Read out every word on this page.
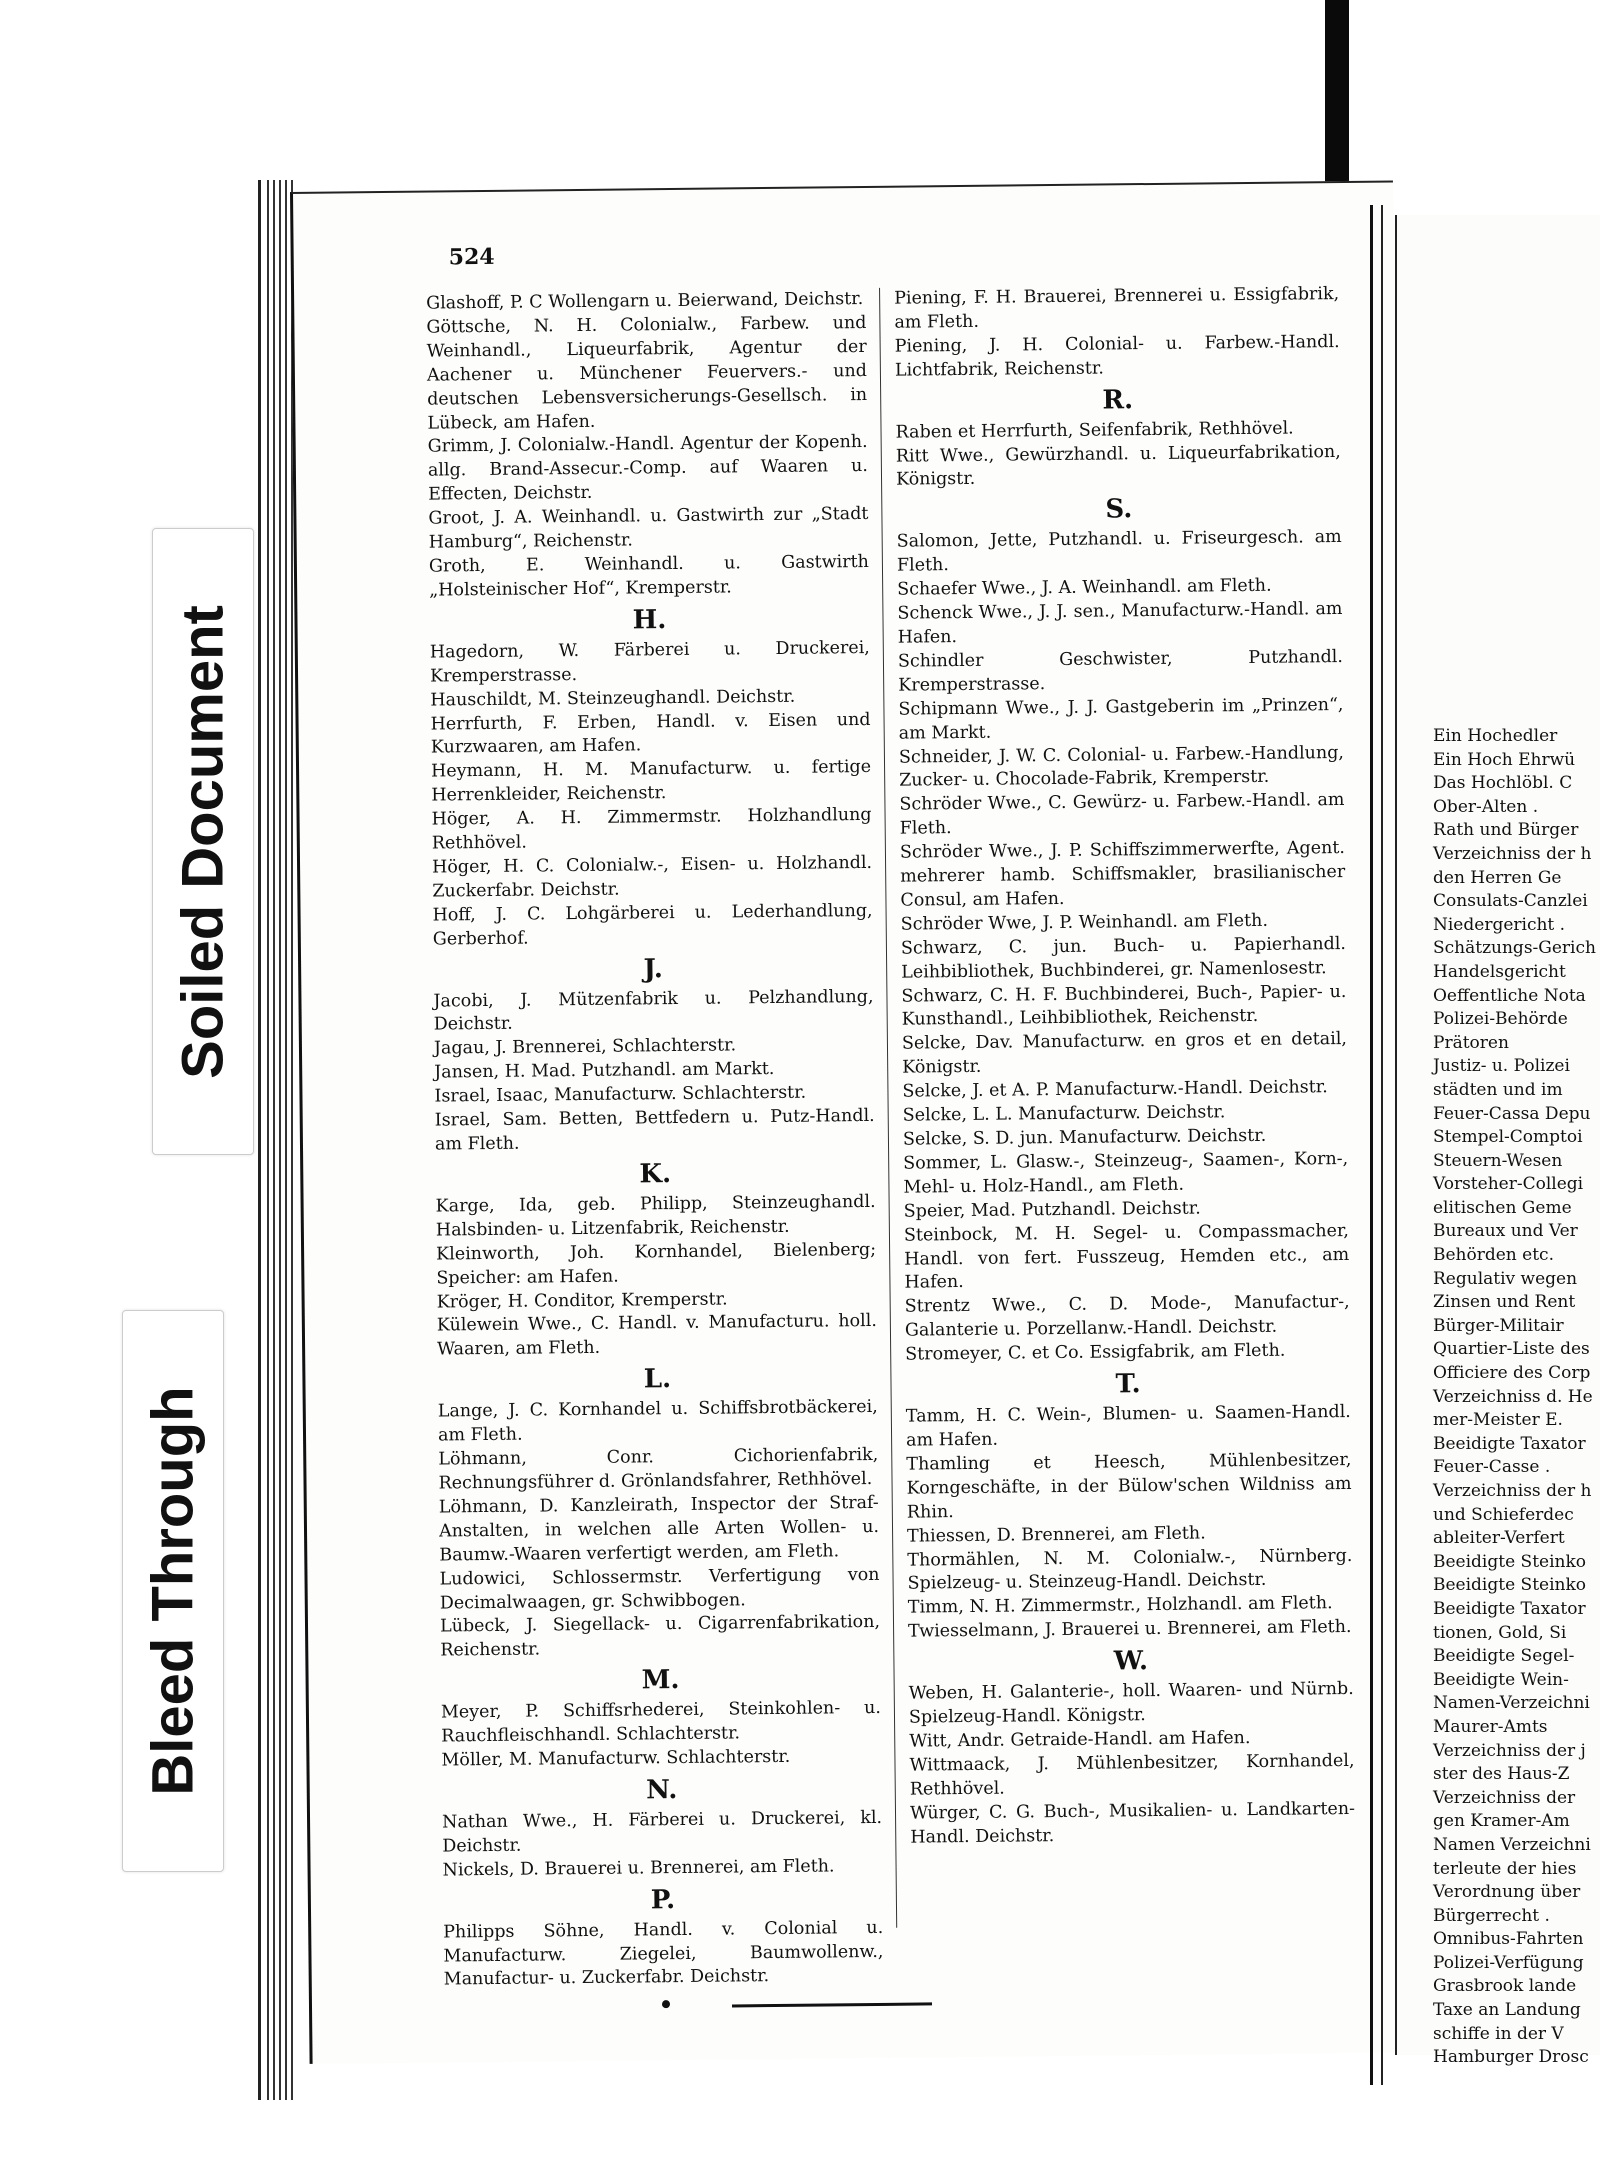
524
Glashoff, P. C Wollengarn u. Beierwand, Deichstr.
Göttsche, N. H. Colonialw., Farbew. und Weinhandl., Liqueurfabrik, Agentur der Aachener u. Münchener Feuervers.- und deutschen Lebensversicherungs-Gesellsch. in Lübeck, am Hafen.
Grimm, J. Colonialw.-Handl. Agentur der Kopenh. allg. Brand-Assecur.-Comp. auf Waaren u. Effecten, Deichstr.
Groot, J. A. Weinhandl. u. Gastwirth zur „Stadt Hamburg“, Reichenstr.
Groth, E. Weinhandl. u. Gastwirth „Holsteinischer Hof“, Kremperstr.
H.
Hagedorn, W. Färberei u. Druckerei, Kremperstrasse.
Hauschildt, M. Steinzeughandl. Deichstr.
Herrfurth, F. Erben, Handl. v. Eisen und Kurzwaaren, am Hafen.
Heymann, H. M. Manufacturw. u. fertige Herrenkleider, Reichenstr.
Höger, A. H. Zimmermstr. Holzhandlung Rethhövel.
Höger, H. C. Colonialw.-, Eisen- u. Holzhandl. Zuckerfabr. Deichstr.
Hoff, J. C. Lohgärberei u. Lederhandlung, Gerberhof.
J.
Jacobi, J. Mützenfabrik u. Pelzhandlung, Deichstr.
Jagau, J. Brennerei, Schlachterstr.
Jansen, H. Mad. Putzhandl. am Markt.
Israel, Isaac, Manufacturw. Schlachterstr.
Israel, Sam. Betten, Bettfedern u. Putz-Handl. am Fleth.
K.
Karge, Ida, geb. Philipp, Steinzeughandl. Halsbinden- u. Litzenfabrik, Reichenstr.
Kleinworth, Joh. Kornhandel, Bielenberg; Speicher: am Hafen.
Kröger, H. Conditor, Kremperstr.
Külewein Wwe., C. Handl. v. Manufacturu. holl. Waaren, am Fleth.
L.
Lange, J. C. Kornhandel u. Schiffsbrotbäckerei, am Fleth.
Löhmann, Conr. Cichorienfabrik, Rechnungsführer d. Grönlandsfahrer, Rethhövel.
Löhmann, D. Kanzleirath, Inspector der Straf-Anstalten, in welchen alle Arten Wollen- u. Baumw.-Waaren verfertigt werden, am Fleth.
Ludowici, Schlossermstr. Verfertigung von Decimalwaagen, gr. Schwibbogen.
Lübeck, J. Siegellack- u. Cigarrenfabrikation, Reichenstr.
M.
Meyer, P. Schiffsrhederei, Steinkohlen- u. Rauchfleischhandl. Schlachterstr.
Möller, M. Manufacturw. Schlachterstr.
N.
Nathan Wwe., H. Färberei u. Druckerei, kl. Deichstr.
Nickels, D. Brauerei u. Brennerei, am Fleth.
P.
Philipps Söhne, Handl. v. Colonial u. Manufacturw. Ziegelei, Baumwollenw., Manufactur- u. Zuckerfabr. Deichstr.
Piening, F. H. Brauerei, Brennerei u. Essigfabrik, am Fleth.
Piening, J. H. Colonial- u. Farbew.-Handl. Lichtfabrik, Reichenstr.
R.
Raben et Herrfurth, Seifenfabrik, Rethhövel.
Ritt Wwe., Gewürzhandl. u. Liqueurfabrikation, Königstr.
S.
Salomon, Jette, Putzhandl. u. Friseurgesch. am Fleth.
Schaefer Wwe., J. A. Weinhandl. am Fleth.
Schenck Wwe., J. J. sen., Manufacturw.-Handl. am Hafen.
Schindler Geschwister, Putzhandl. Kremperstrasse.
Schipmann Wwe., J. J. Gastgeberin im „Prinzen“, am Markt.
Schneider, J. W. C. Colonial- u. Farbew.-Handlung, Zucker- u. Chocolade-Fabrik, Kremperstr.
Schröder Wwe., C. Gewürz- u. Farbew.-Handl. am Fleth.
Schröder Wwe., J. P. Schiffszimmerwerfte, Agent. mehrerer hamb. Schiffsmakler, brasilianischer Consul, am Hafen.
Schröder Wwe, J. P. Weinhandl. am Fleth.
Schwarz, C. jun. Buch- u. Papierhandl. Leihbibliothek, Buchbinderei, gr. Namenlosestr.
Schwarz, C. H. F. Buchbinderei, Buch-, Papier- u. Kunsthandl., Leihbibliothek, Reichenstr.
Selcke, Dav. Manufacturw. en gros et en detail, Königstr.
Selcke, J. et A. P. Manufacturw.-Handl. Deichstr.
Selcke, L. L. Manufacturw. Deichstr.
Selcke, S. D. jun. Manufacturw. Deichstr.
Sommer, L. Glasw.-, Steinzeug-, Saamen-, Korn-, Mehl- u. Holz-Handl., am Fleth.
Speier, Mad. Putzhandl. Deichstr.
Steinbock, M. H. Segel- u. Compassmacher, Handl. von fert. Fusszeug, Hemden etc., am Hafen.
Strentz Wwe., C. D. Mode-, Manufactur-, Galanterie u. Porzellanw.-Handl. Deichstr.
Stromeyer, C. et Co. Essigfabrik, am Fleth.
T.
Tamm, H. C. Wein-, Blumen- u. Saamen-Handl. am Hafen.
Thamling et Heesch, Mühlenbesitzer, Korngeschäfte, in der Bülow'schen Wildniss am Rhin.
Thiessen, D. Brennerei, am Fleth.
Thormählen, N. M. Colonialw.-, Nürnberg. Spielzeug- u. Steinzeug-Handl. Deichstr.
Timm, N. H. Zimmermstr., Holzhandl. am Fleth.
Twiesselmann, J. Brauerei u. Brennerei, am Fleth.
W.
Weben, H. Galanterie-, holl. Waaren- und Nürnb. Spielzeug-Handl. Königstr.
Witt, Andr. Getraide-Handl. am Hafen.
Wittmaack, J. Mühlenbesitzer, Kornhandel, Rethhövel.
Würger, C. G. Buch-, Musikalien- u. Landkarten-Handl. Deichstr.
Ein Hochedler
Ein Hoch Ehrwü
Das Hochlöbl. C
Ober-Alten .
Rath und Bürger
Verzeichniss der h
den Herren Ge
Consulats-Canzlei
Niedergericht .
Schätzungs-Gerich
Handelsgericht
Oeffentliche Nota
Polizei-Behörde
Prätoren
Justiz- u. Polizei
städten und im
Feuer-Cassa Depu
Stempel-Comptoi
Steuern-Wesen
Vorsteher-Collegi
elitischen Geme
Bureaux und Ver
Behörden etc.
Regulativ wegen
Zinsen und Rent
Bürger-Militair
Quartier-Liste des
Officiere des Corp
Verzeichniss d. He
mer-Meister E.
Beeidigte Taxator
Feuer-Casse .
Verzeichniss der h
und Schieferdec
ableiter-Verfert
Beeidigte Steinko
Beeidigte Steinko
Beeidigte Taxator
tionen, Gold, Si
Beeidigte Segel-
Beeidigte Wein-
Namen-Verzeichni
Maurer-Amts
Verzeichniss der j
ster des Haus-Z
Verzeichniss der
gen Kramer-Am
Namen Verzeichni
terleute der hies
Verordnung über
Bürgerrecht .
Omnibus-Fahrten
Polizei-Verfügung
Grasbrook lande
Taxe an Landung
schiffe in der V
Hamburger Drosc
Soiled Document
Bleed Through
